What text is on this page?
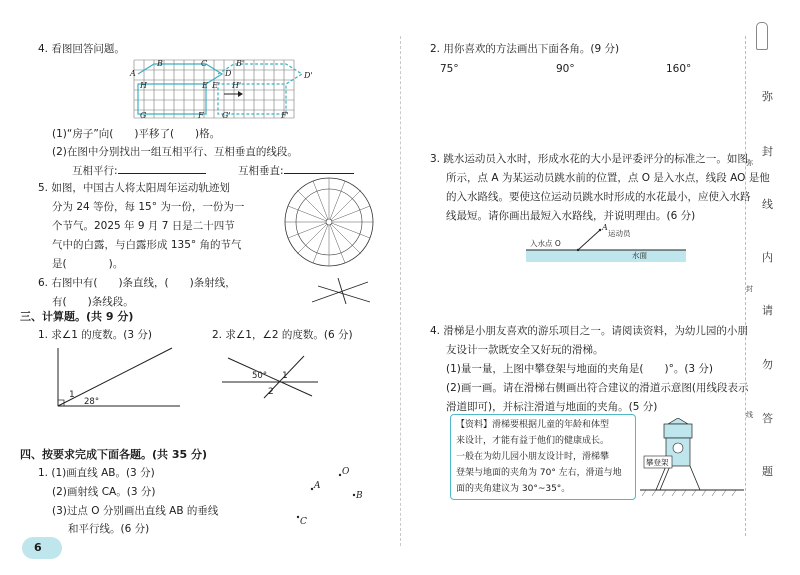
4. 看图回答问题。
A
B	C	B'
D'
D
E E'
H	H'
G	G'
F	F'
(1)“房子”向(　　)平移了(　　)格。
(2)在图中分别找出一组互相平行、互相垂直的线段。
互相平行:	互相垂直:
5. 如图，中国古人将太阳周年运动轨迹划
分为 24 等份，每 15° 为一份，一份为一
个节气。2025 年 9 月 7 日是二十四节
气中的白露，与白露形成 135° 角的节气
是(　　　　)。
6. 右图中有(　　)条直线，(　　)条射线，
有(　　)条线段。
三、计算题。(共 9 分)
1. 求∠1 的度数。(3 分)	2. 求∠1，∠2 的度数。(6 分)
1
28°
50° 1
2
四、按要求完成下面各题。(共 35 分)
1. (1)画直线 AB。(3 分)
(2)画射线 CA。(3 分)
(3)过点 O 分别画出直线 AB 的垂线
和平行线。(6 分)
A
O
B
C
6
2. 用你喜欢的方法画出下面各角。(9 分)
75°	90°	160°
3. 跳水运动员入水时，形成水花的大小是评委评分的标准之一。如图
所示，点 A 为某运动员跳水前的位置，点 O 是入水点，线段 AO 是他
的入水路线。要使这位运动员跳水时形成的水花最小，应使入水路
线最短。请你画出最短入水路线，并说明理由。(6 分)
A
运动员
入水点 O
水面
4. 滑梯是小朋友喜欢的游乐项目之一。请阅读资料，为幼儿园的小朋
友设计一款既安全又好玩的滑梯。
(1)量一量，上图中攀登架与地面的夹角是(　　)°。(3 分)
(2)画一画。请在滑梯右侧画出符合建议的滑道示意图(用线段表示
滑道即可)，并标注滑道与地面的夹角。(5 分)
【资料】滑梯要根据儿童的年龄和体型
来设计，才能有益于他们的健康成长。
一般在为幼儿园小朋友设计时，滑梯攀
登架与地面的夹角为 70° 左右，滑道与地
面的夹角建议为 30°~35°。
攀登架
弥
封
线
内
请
勿
答
题
弥
封
线
